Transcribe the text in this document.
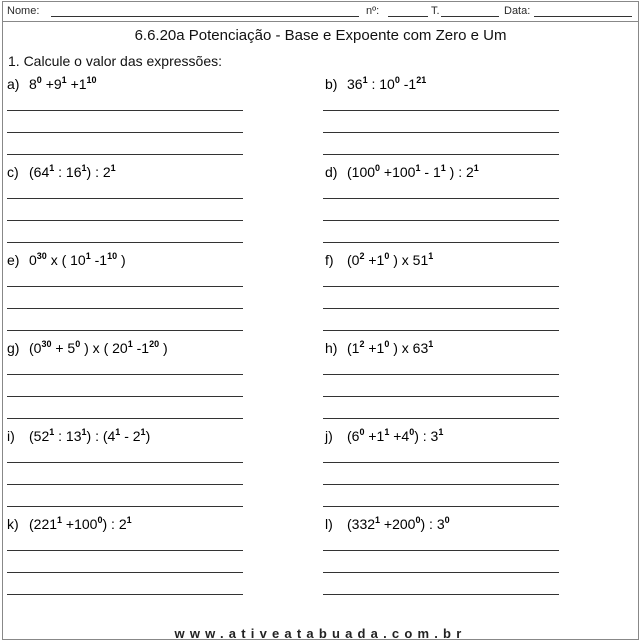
Nome:	nº:	T.	Data:
6.6.20a Potenciação - Base e Expoente com Zero e Um
1. Calcule o valor das expressões:
a) $8^0 +9^1 +1^{10}$	b) $36^1$ : $10^0$ $-1^{21}$
c) ($64^1$ : $16^1$) : $2^1$	d) ($100^0 +100^1 - 1^1$ ) : $2^1$
e) $0^{30}$ x ( $10^1$ $-1^{10}$ )	f) ($0^2 +1^0$ ) x $51^1$
g) ($0^{30} + 5^0$ ) x ( $20^1$ $-1^{20}$ )	h) ($1^2 +1^0$ ) x $63^1$
i) ($52^1$ : $13^1$) : $(4^1 - 2^1)$	j) $(6^0 +1^1 +4^0)$ : $3^1$
k) $(221^1 +100^0)$ : $2^1$	l) $(332^1 +200^0)$ : $3^0$
www.ativeatabuada.com.br
